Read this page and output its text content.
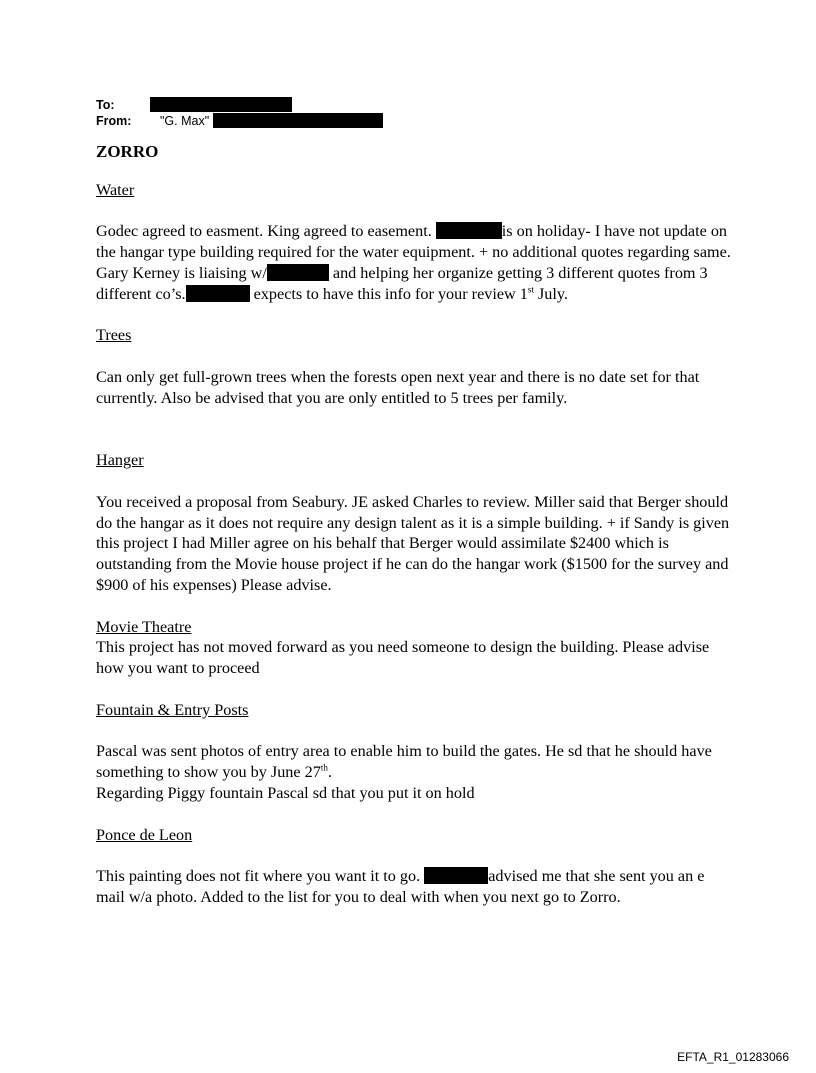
To:
From: "G. Max"
ZORRO

Water

Godec agreed to easment. King agreed to easement.	is on holiday- I have not update on the hangar type building required for the water equipment. + no additional quotes regarding same. Gary Kerney is liaising w/	and helping her organize getting 3 different quotes from 3 different co’s.	expects to have this info for your review 1st July.

Trees

Can only get full-grown trees when the forests open next year and there is no date set for that currently. Also be advised that you are only entitled to 5 trees per family.

Hanger

You received a proposal from Seabury. JE asked Charles to review. Miller said that Berger should do the hangar as it does not require any design talent as it is a simple building. + if Sandy is given this project I had Miller agree on his behalf that Berger would assimilate $2400 which is outstanding from the Movie house project if he can do the hangar work ($1500 for the survey and $900 of his expenses) Please advise.

Movie Theatre

This project has not moved forward as you need someone to design the building. Please advise how you want to proceed

Fountain & Entry Posts

Pascal was sent photos of entry area to enable him to build the gates. He sd that he should have something to show you by June 27th.

Regarding Piggy fountain Pascal sd that you put it on hold

Ponce de Leon

This painting does not fit where you want it to go.	advised me that she sent you an e mail w/a photo. Added to the list for you to deal with when you next go to Zorro.

EFTA_R1_01283066
